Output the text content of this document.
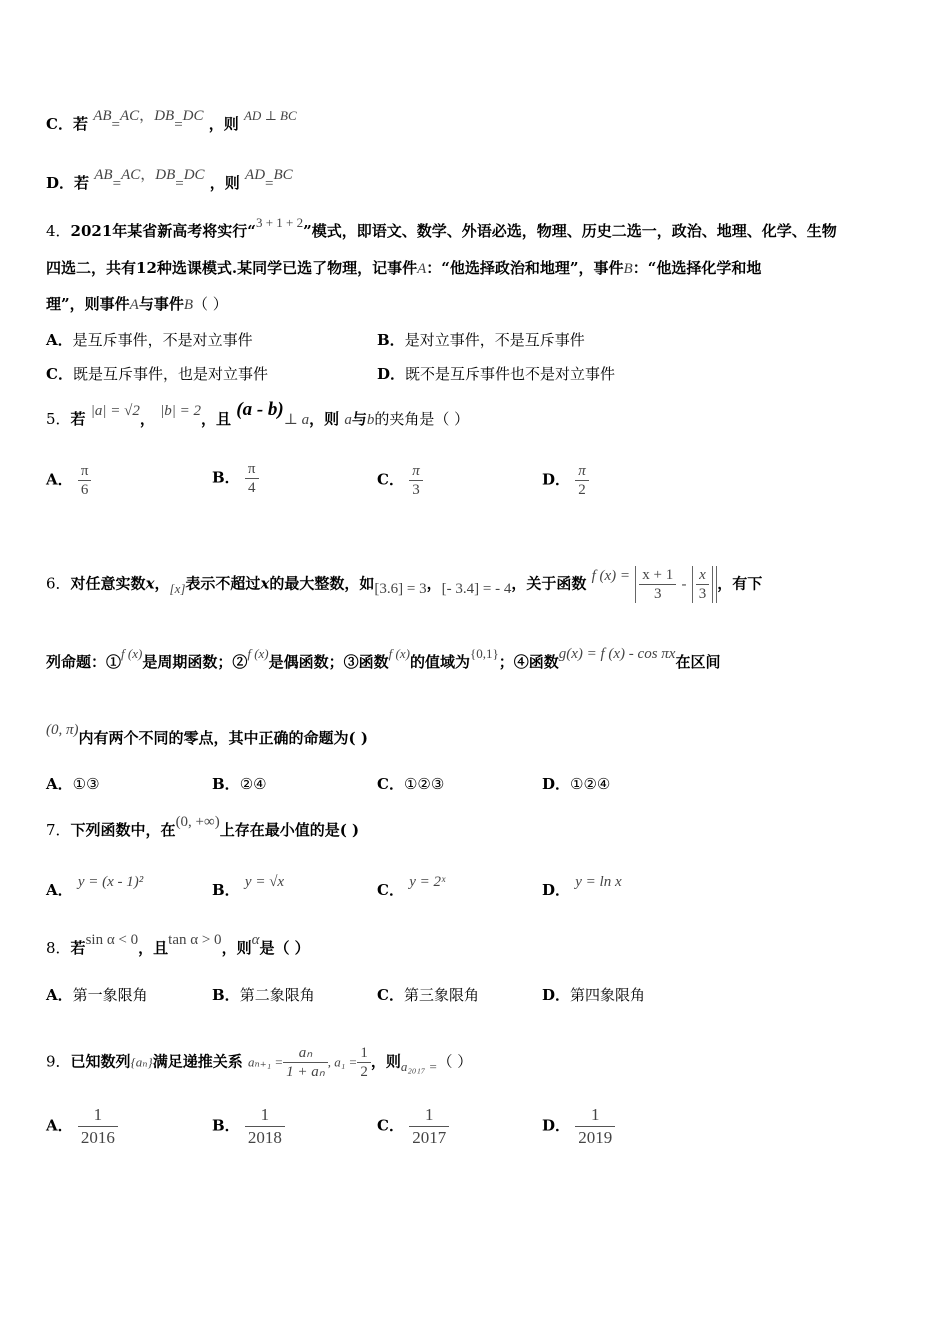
C．若 AB=AC，DB=DC ，则 AD ⊥ BC
D．若 AB=AC，DB=DC ，则 AD=BC
4．2021年某省新高考将实行“3 + 1 + 2”模式，即语文、数学、外语必选，物理、历史二选一，政治、地理、化学、生物
四选二，共有12种选课模式.某同学已选了物理，记事件A：“他选择政治和地理”，事件B：“他选择化学和地
理”，则事件A与事件B（ ）
A．是互斥事件，不是对立事件	B．是对立事件，不是互斥事件
C．既是互斥事件，也是对立事件	D．既不是互斥事件也不是对立事件
5．若 |a| = √2， |b| = 2，且 (a - b)⊥ a，则 a与b的夹角是（ ）
A． $\frac{\pi}{6}$	B． $\frac{\pi}{4}$	C． $\frac{\pi}{3}$	D． $\frac{\pi}{2}$
6．对任意实数x，[x]表示不超过x的最大整数，如[3.6] = 3，[- 3.4] = - 4，关于函数 f $(x) = \frac{x + 1}{3} - \frac{x}{3}$ ，有下
列命题：①f (x)是周期函数；②f (x)是偶函数；③函数f (x)的值域为{0,1}；④函数g(x) = f (x) - cos πx在区间
(0, π)内有两个不同的零点，其中正确的命题为( )
A．①③	B．②④	C．①②③	D．①②④
7．下列函数中，在(0, +∞)上存在最小值的是( )
A． y = (x - 1)²	B． y = √x	C． y = 2ˣ	D． y = ln x
8．若sin α < 0，且tan α > 0，则α是（ ）
A．第一象限角	B．第二象限角	C．第三象限角	D．第四象限角
9．已知数列{aₙ}满足递推关系 $a_{n+1} = \frac{\text{aₙ}}{\text{1 + aₙ}}$ , $a_1 = \frac{1}{2}$ ，则a₂₀₁₇ =（ ）
A． $\frac{1}{2016}$	B． $\frac{1}{2018}$	C． $\frac{1}{2017}$	D． $\frac{1}{2019}$
